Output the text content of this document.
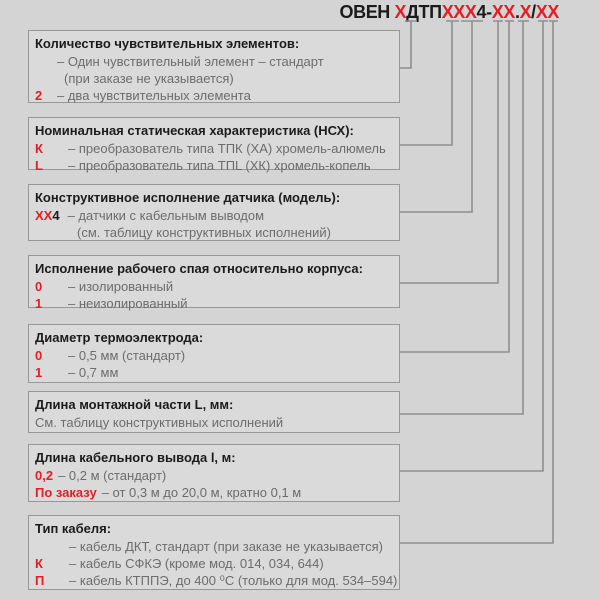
ОВЕН ХДТПХХХ4-ХХ.Х/ХХ
Количество чувствительных элементов:
– Один чувствительный элемент – стандарт
(при заказе не указывается)
2	– два чувствительных элемента
Номинальная статическая характеристика (НСХ):
К	– преобразователь типа ТПК (ХА) хромель-алюмель
L	– преобразователь типа ТПL (ХК) хромель-копель
Конструктивное исполнение датчика (модель):
ХХ 4 – датчики с кабельным выводом
(см. таблицу конструктивных исполнений)
Исполнение рабочего спая относительно корпуса:
0	– изолированный
1	– неизолированный
Диаметр термоэлектрода:
0	– 0,5 мм (стандарт)
1	– 0,7 мм
Длина монтажной части L, мм:
См. таблицу конструктивных исполнений
Длина кабельного вывода l, м:
0,2 – 0,2 м (стандарт)
По заказу – от 0,3 м до 20,0 м, кратно 0,1 м
Тип кабеля:
– кабель ДКТ, стандарт (при заказе не указывается)
К	– кабель СФКЭ (кроме мод. 014, 034, 644)
П	– кабель КТППЭ, до 400 ⁰С (только для мод. 534–594)
